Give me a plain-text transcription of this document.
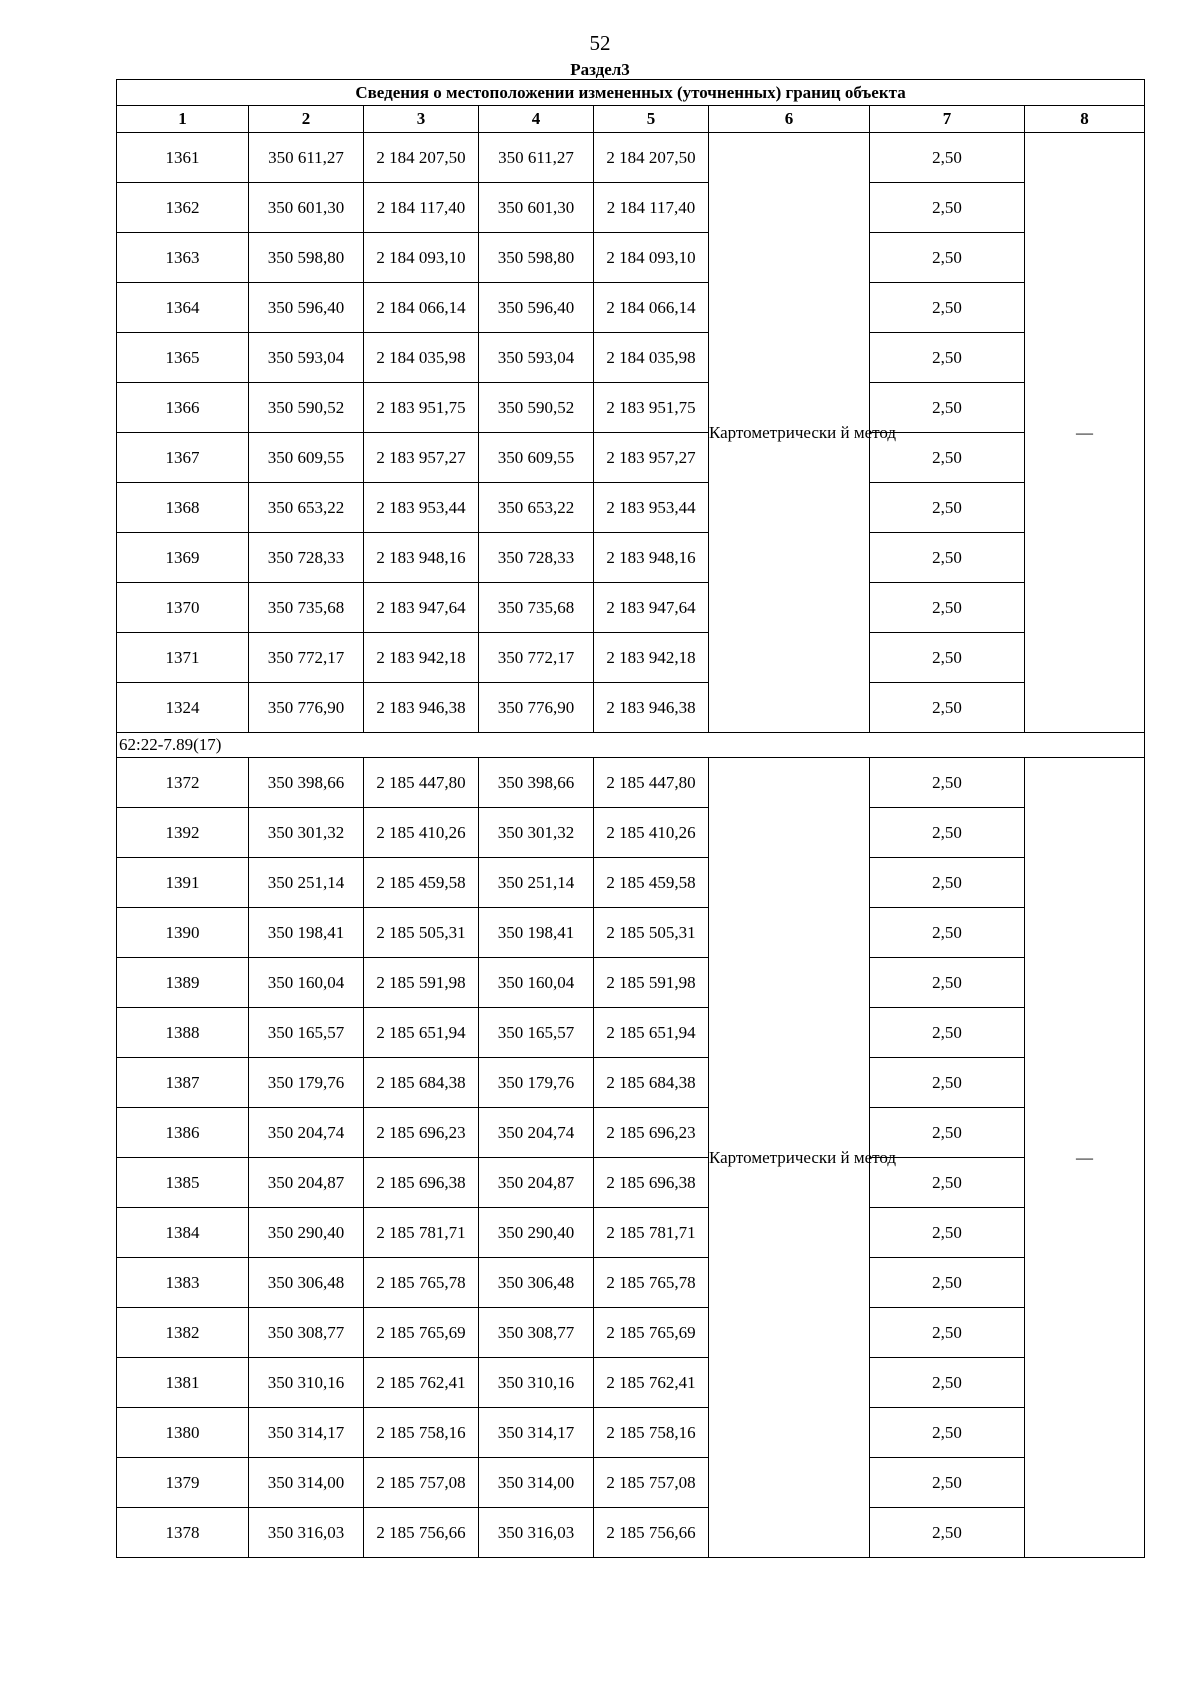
52
Раздел3
Сведения о местоположении измененных (уточненных) границ объекта							
1	2	3	4	5	6	7	8
1361	350 611,27	2 184 207,50	350 611,27	2 184 207,50	Картометрически й метод	2,50	—
1362	350 601,30	2 184 117,40	350 601,30	2 184 117,40		2,50	
1363	350 598,80	2 184 093,10	350 598,80	2 184 093,10		2,50	
1364	350 596,40	2 184 066,14	350 596,40	2 184 066,14		2,50	
1365	350 593,04	2 184 035,98	350 593,04	2 184 035,98		2,50	
1366	350 590,52	2 183 951,75	350 590,52	2 183 951,75		2,50	
1367	350 609,55	2 183 957,27	350 609,55	2 183 957,27		2,50	
1368	350 653,22	2 183 953,44	350 653,22	2 183 953,44		2,50	
1369	350 728,33	2 183 948,16	350 728,33	2 183 948,16		2,50	
1370	350 735,68	2 183 947,64	350 735,68	2 183 947,64		2,50	
1371	350 772,17	2 183 942,18	350 772,17	2 183 942,18		2,50	
1324	350 776,90	2 183 946,38	350 776,90	2 183 946,38		2,50	
62:22-7.89(17)							
1372	350 398,66	2 185 447,80	350 398,66	2 185 447,80	Картометрически й метод	2,50	—
1392	350 301,32	2 185 410,26	350 301,32	2 185 410,26		2,50	
1391	350 251,14	2 185 459,58	350 251,14	2 185 459,58		2,50	
1390	350 198,41	2 185 505,31	350 198,41	2 185 505,31		2,50	
1389	350 160,04	2 185 591,98	350 160,04	2 185 591,98		2,50	
1388	350 165,57	2 185 651,94	350 165,57	2 185 651,94		2,50	
1387	350 179,76	2 185 684,38	350 179,76	2 185 684,38		2,50	
1386	350 204,74	2 185 696,23	350 204,74	2 185 696,23		2,50	
1385	350 204,87	2 185 696,38	350 204,87	2 185 696,38		2,50	
1384	350 290,40	2 185 781,71	350 290,40	2 185 781,71		2,50	
1383	350 306,48	2 185 765,78	350 306,48	2 185 765,78		2,50	
1382	350 308,77	2 185 765,69	350 308,77	2 185 765,69		2,50	
1381	350 310,16	2 185 762,41	350 310,16	2 185 762,41		2,50	
1380	350 314,17	2 185 758,16	350 314,17	2 185 758,16		2,50	
1379	350 314,00	2 185 757,08	350 314,00	2 185 757,08		2,50	
1378	350 316,03	2 185 756,66	350 316,03	2 185 756,66		2,50	
